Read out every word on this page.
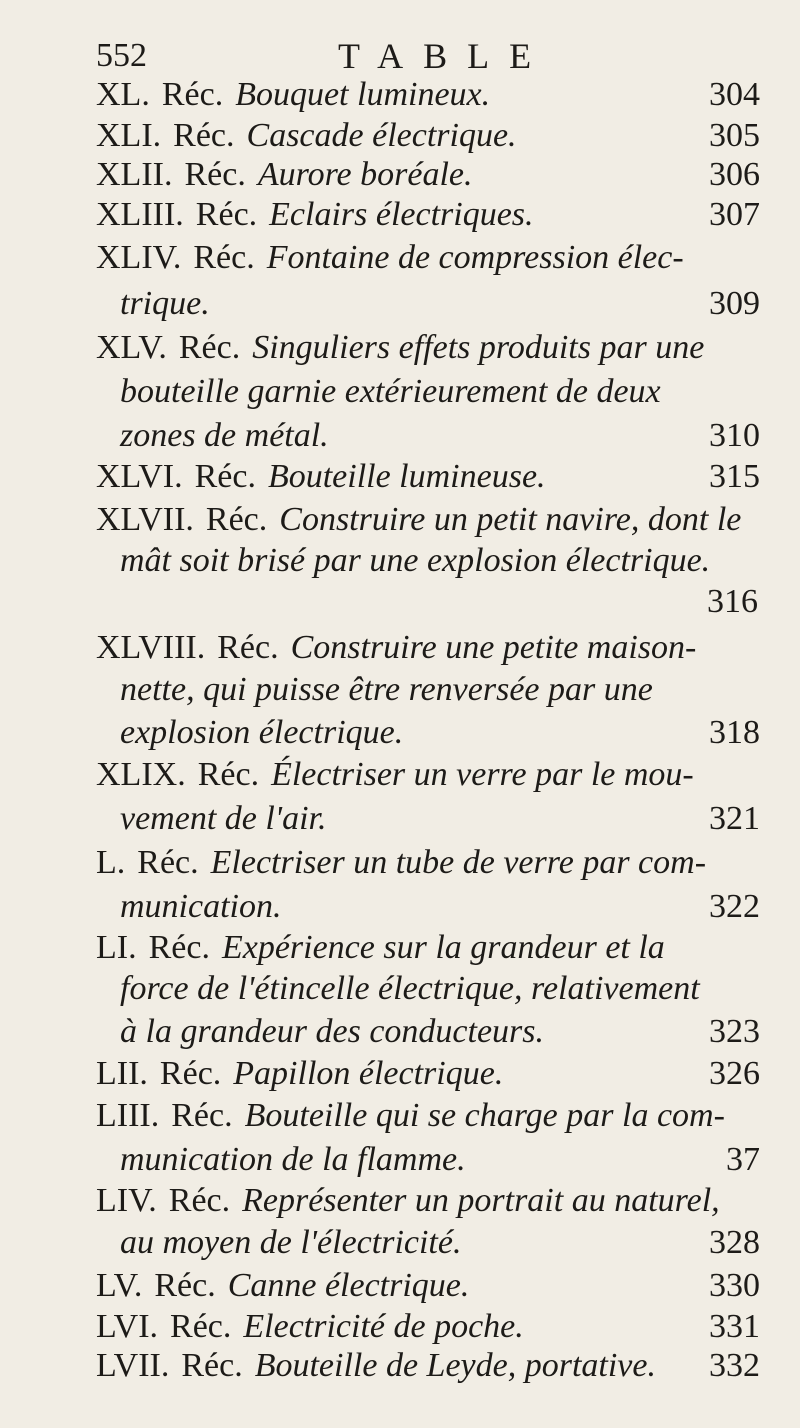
552	TABLE
XL. Réc. Bouquet lumineux.	304
XLI. Réc. Cascade électrique.	305
XLII. Réc. Aurore boréale.	306
XLIII. Réc. Eclairs électriques.	307
XLIV. Réc. Fontaine de compression élec-
trique.	309
XLV. Réc. Singuliers effets produits par une
bouteille garnie extérieurement de deux
zones de métal.	310
XLVI. Réc. Bouteille lumineuse.	315
XLVII. Réc. Construire un petit navire, dont le
mât soit brisé par une explosion électrique.
316
XLVIII. Réc. Construire une petite maison-
nette, qui puisse être renversée par une
explosion électrique.	318
XLIX. Réc. Électriser un verre par le mou-
vement de l'air.	321
L. Réc. Electriser un tube de verre par com-
munication.	322
LI. Réc. Expérience sur la grandeur et la
force de l'étincelle électrique, relativement
à la grandeur des conducteurs.	323
LII. Réc. Papillon électrique.	326
LIII. Réc. Bouteille qui se charge par la com-
munication de la flamme.	37
LIV. Réc. Représenter un portrait au naturel,
au moyen de l'électricité.	328
LV. Réc. Canne électrique.	330
LVI. Réc. Electricité de poche.	331
LVII. Réc. Bouteille de Leyde, portative. 332
